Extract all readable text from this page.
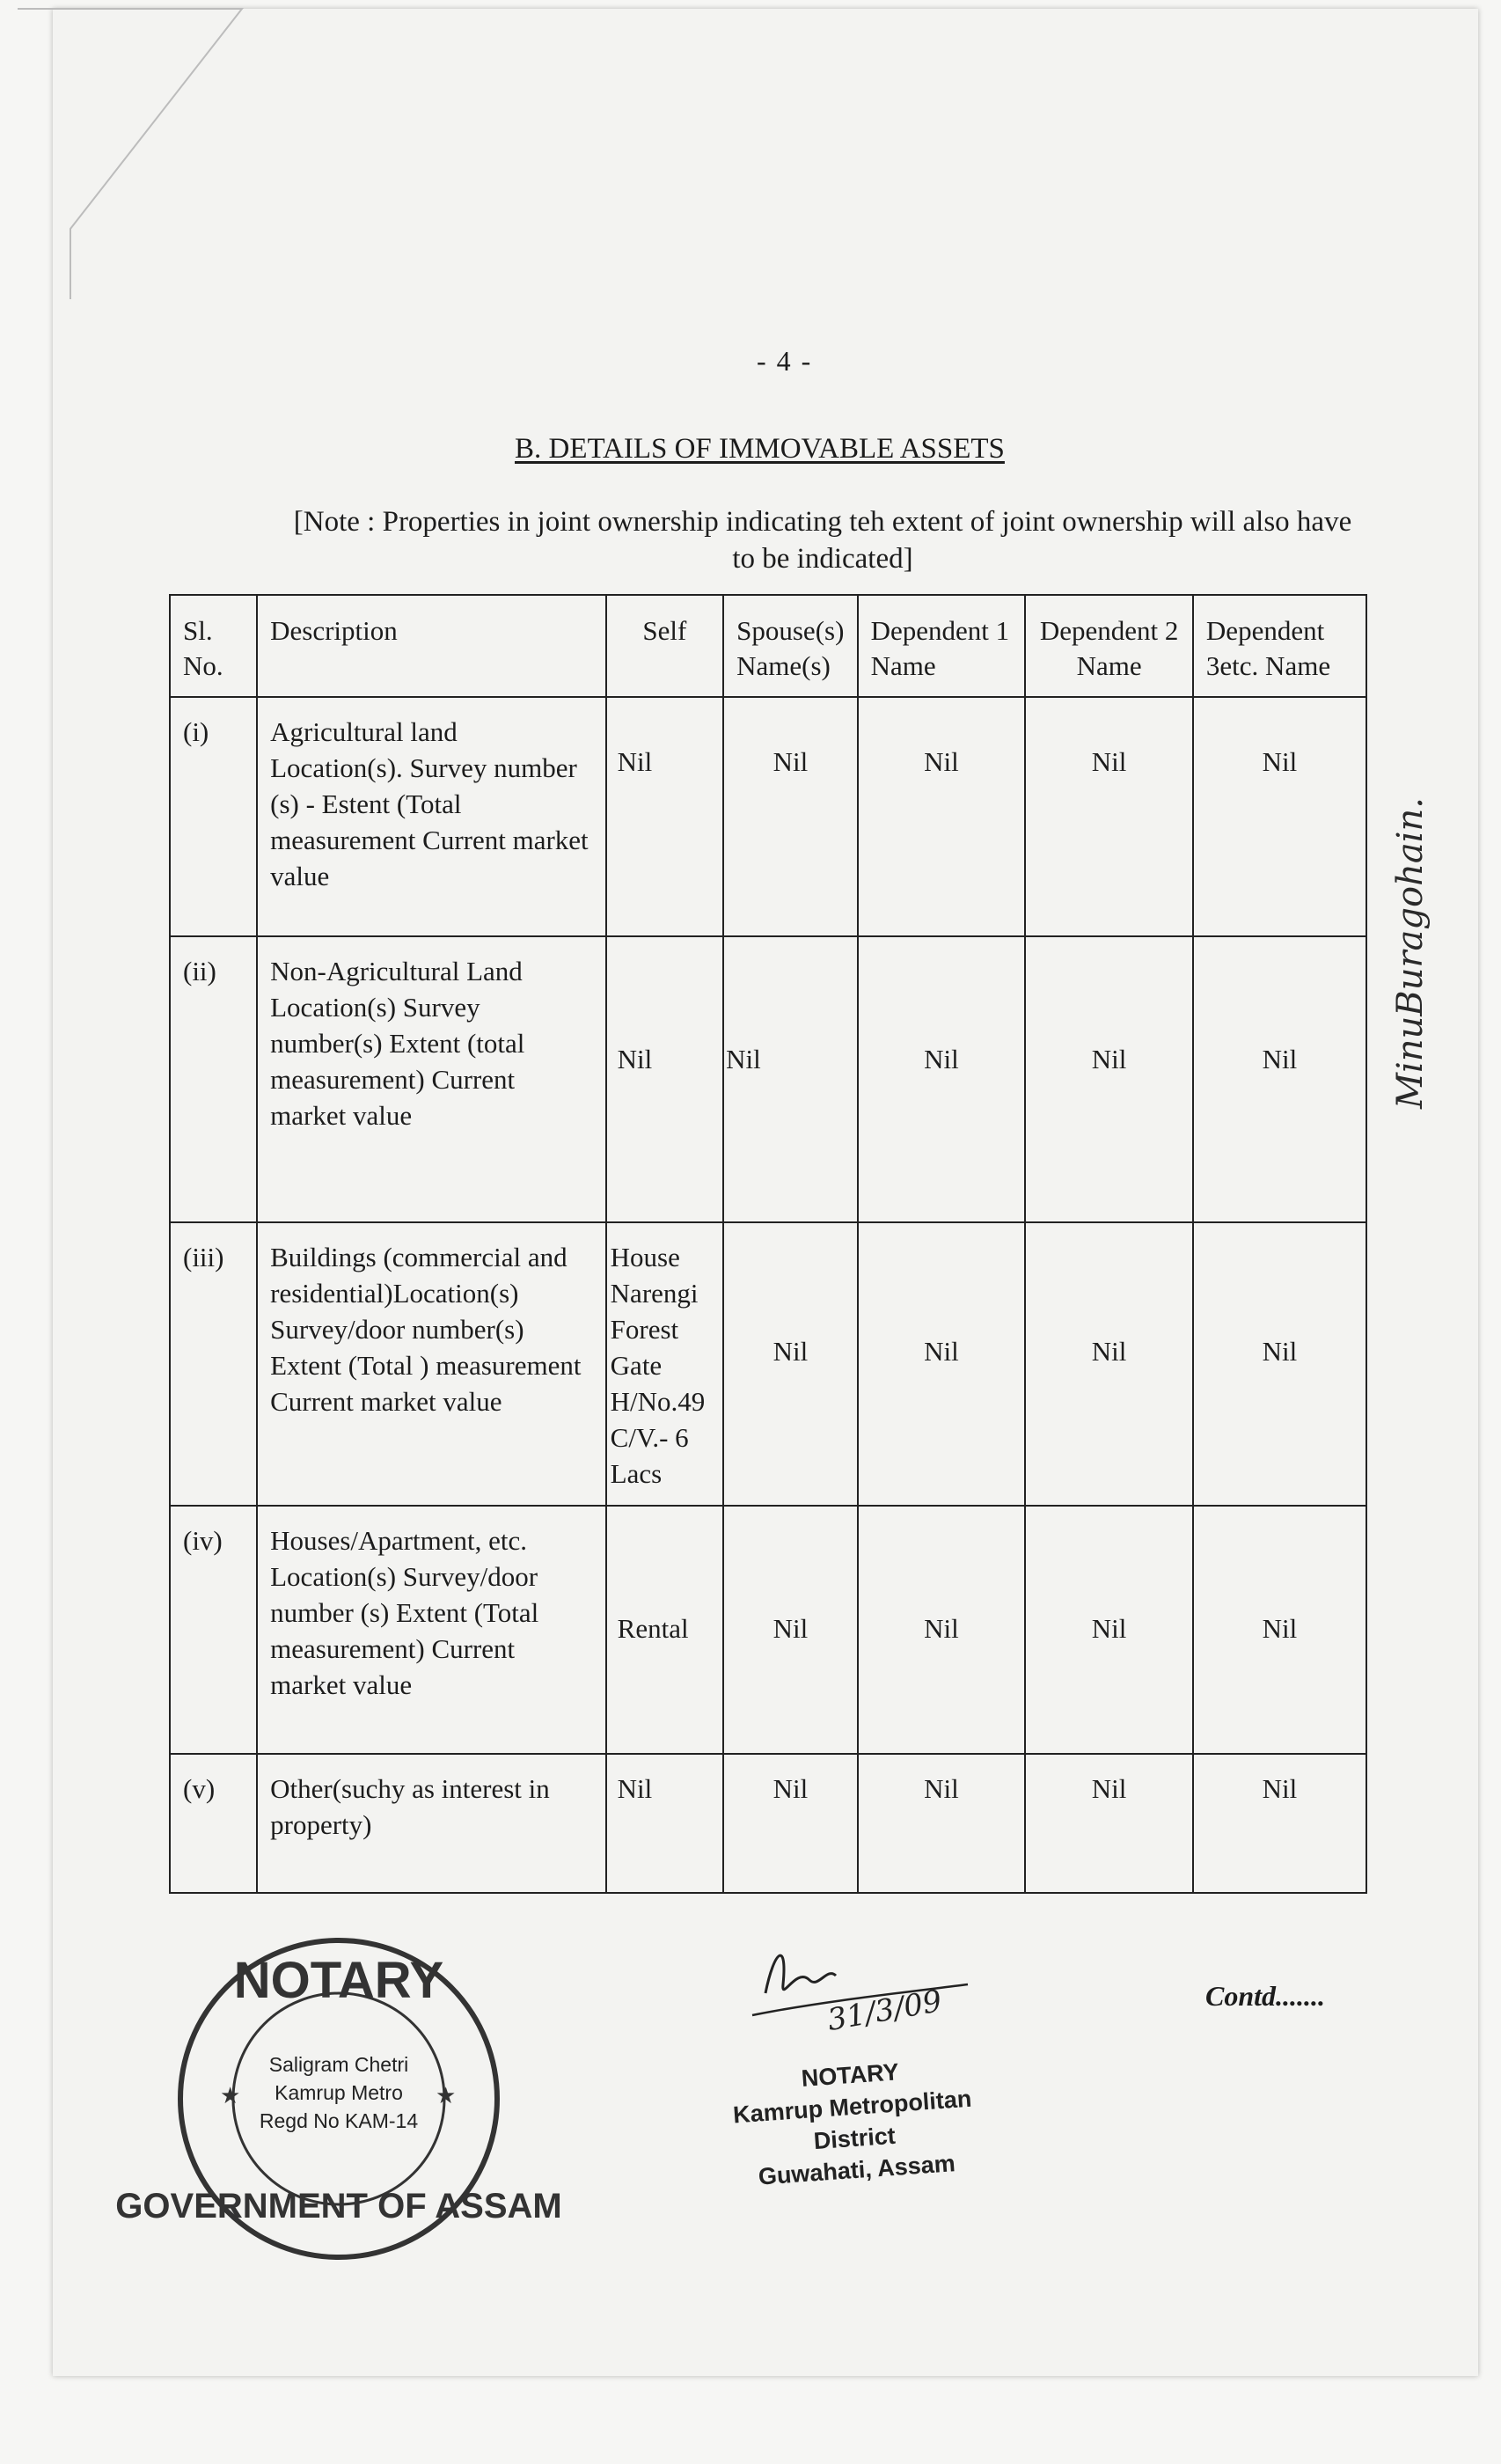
- 4 -
B. DETAILS OF IMMOVABLE ASSETS
[Note : Properties in joint ownership indicating teh extent of joint ownership will also have to be indicated]
Sl. No.	Description	Self	Spouse(s) Name(s)	Dependent 1 Name	Dependent 2 Name	Dependent 3etc. Name
(i)	Agricultural land Location(s). Survey number (s) - Estent (Total measurement Current market value	Nil	Nil	Nil	Nil	Nil
(ii)	Non-Agricultural Land Location(s) Survey number(s) Extent (total measurement) Current market value	Nil	Nil	Nil	Nil	Nil
(iii)	Buildings (commercial and residential)Location(s) Survey/door number(s) Extent (Total ) measurement Current market value	House Narengi Forest Gate H/No.49 C/V.- 6 Lacs	Nil	Nil	Nil	Nil
(iv)	Houses/Apartment, etc. Location(s) Survey/door number (s) Extent (Total measurement) Current market value	Rental	Nil	Nil	Nil	Nil
(v)	Other(suchy as interest in property)	Nil	Nil	Nil	Nil	Nil
MinuBuragohain.
31/3/09
NOTARY
Kamrup Metropolitan District
Guwahati, Assam
Contd.......
★	★
NOTARY
GOVERNMENT OF ASSAM
Saligram Chetri
Kamrup Metro
Regd No KAM-14
